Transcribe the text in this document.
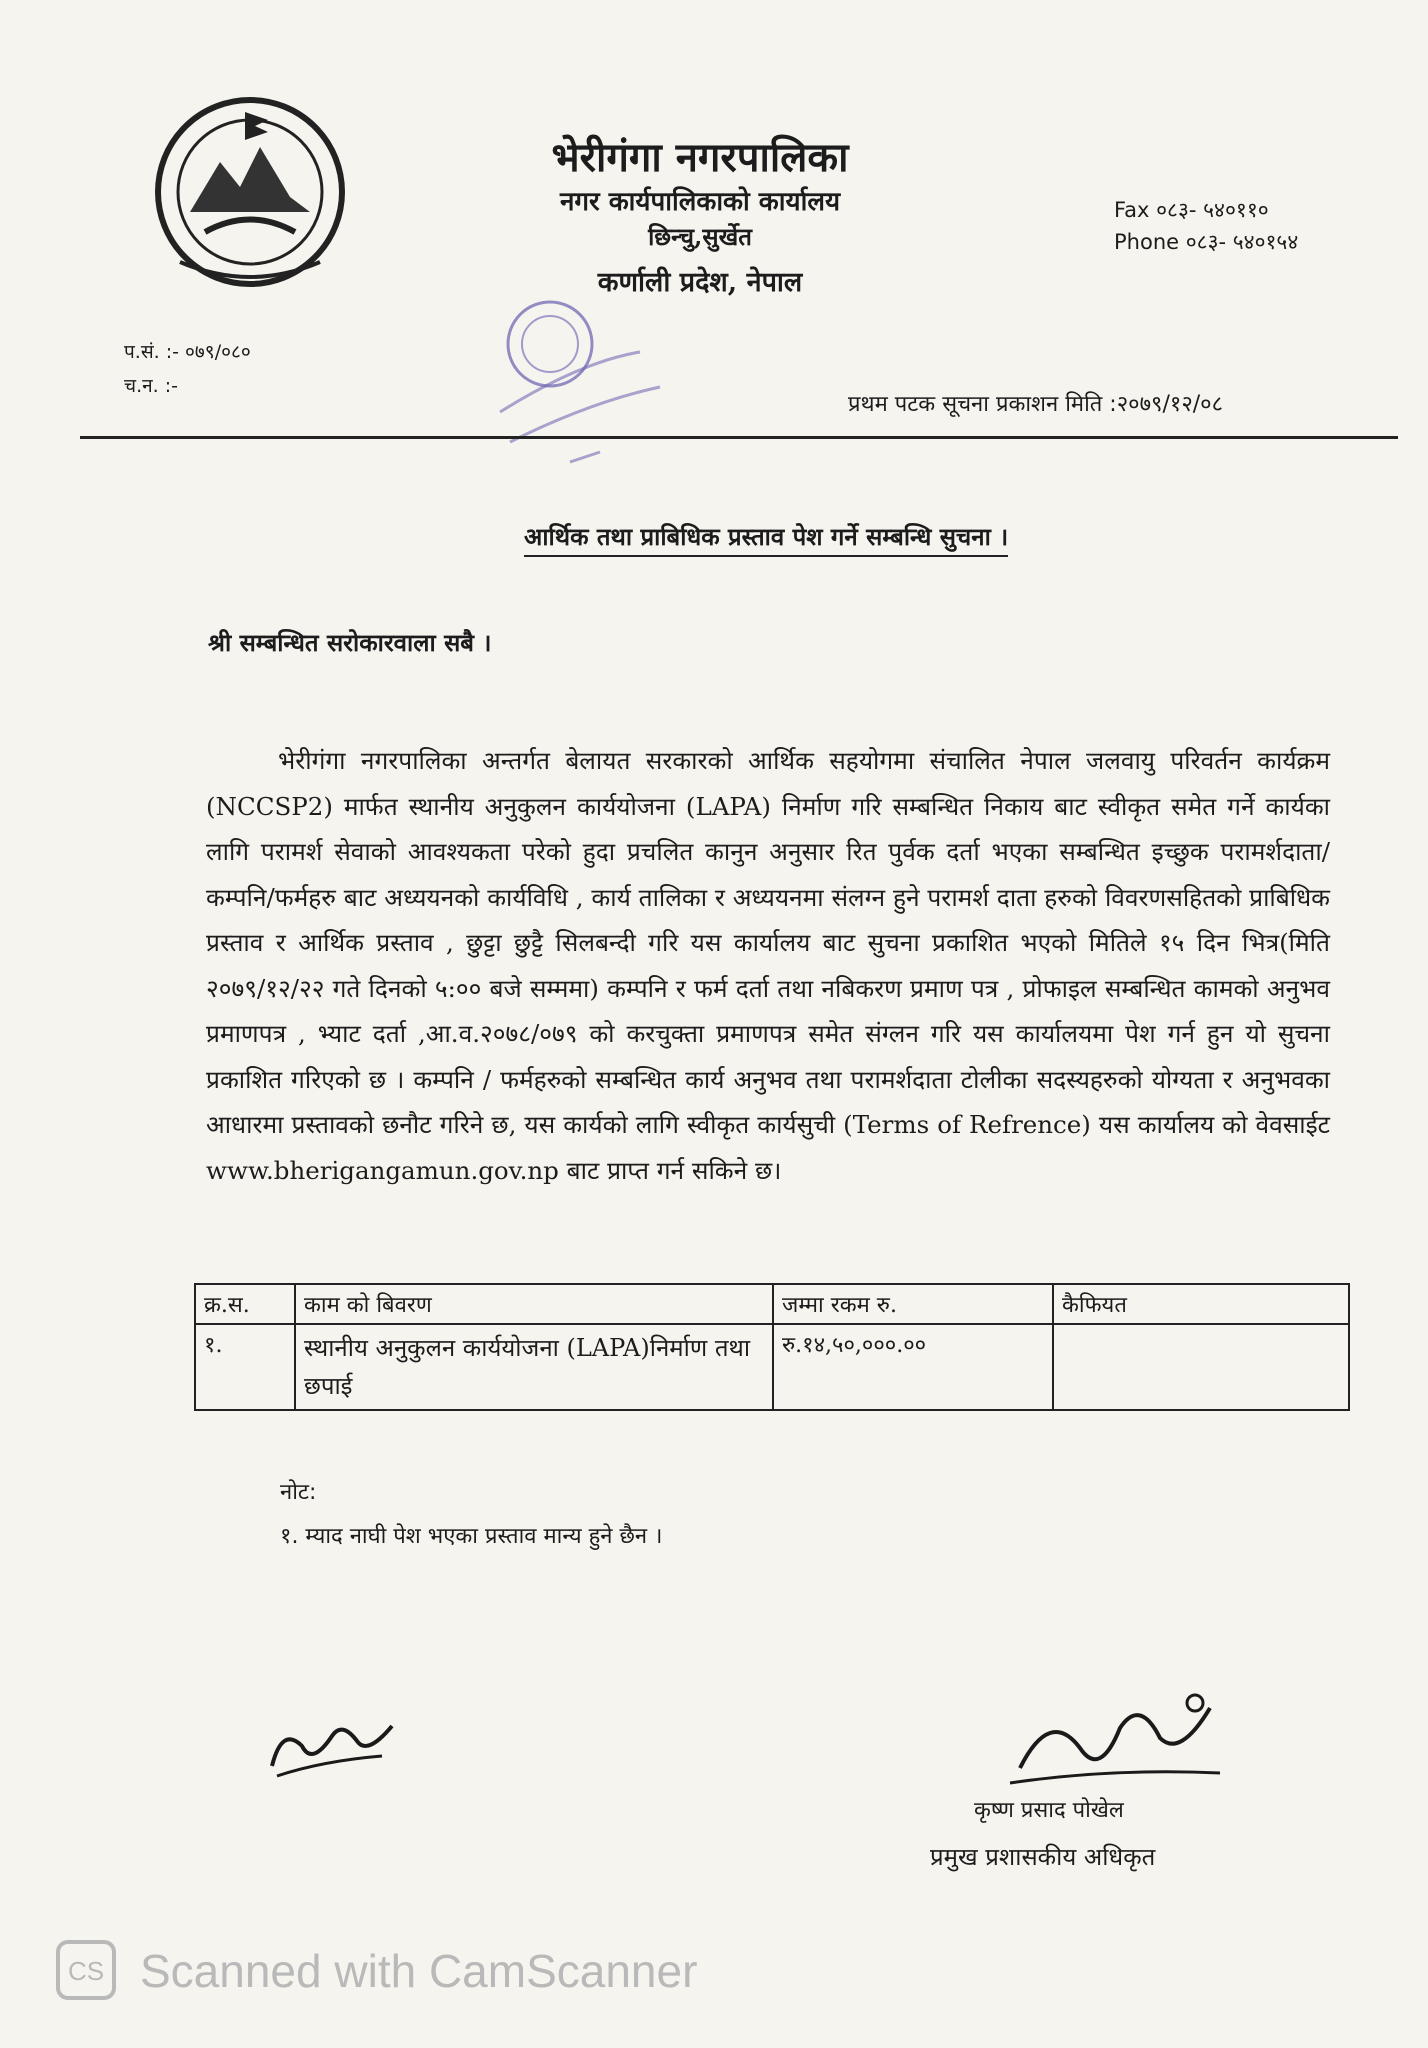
भेरीगंगा नगरपालिका
नगर कार्यपालिकाको कार्यालय
छिन्चु,सुर्खेत
कर्णाली प्रदेश, नेपाल
Fax ०८३- ५४०११०
Phone ०८३- ५४०१५४
प.सं. :- ०७९/०८०
च.न. :-
प्रथम पटक सूचना प्रकाशन मिति :२०७९/१२/०८
आर्थिक तथा प्राबिधिक प्रस्ताव पेश गर्ने सम्बन्धि सुचना ।
श्री सम्बन्धित सरोकारवाला सबै ।
भेरीगंगा नगरपालिका अन्तर्गत बेलायत सरकारको आर्थिक सहयोगमा संचालित नेपाल जलवायु परिवर्तन कार्यक्रम (NCCSP2) मार्फत स्थानीय अनुकुलन कार्ययोजना (LAPA) निर्माण गरि सम्बन्धित निकाय बाट स्वीकृत समेत गर्ने कार्यका लागि परामर्श सेवाको आवश्यकता परेको हुदा प्रचलित कानुन अनुसार रित पुर्वक दर्ता भएका सम्बन्धित इच्छुक परामर्शदाता/कम्पनि/फर्महरु बाट अध्ययनको कार्यविधि , कार्य तालिका र अध्ययनमा संलग्न हुने परामर्श दाता हरुको विवरणसहितको प्राबिधिक प्रस्ताव र आर्थिक प्रस्ताव , छुट्टा छुट्टै सिलबन्दी गरि यस कार्यालय बाट सुचना प्रकाशित भएको मितिले १५ दिन भित्र(मिति २०७९/१२/२२ गते दिनको ५:०० बजे सम्ममा) कम्पनि र फर्म दर्ता तथा नबिकरण प्रमाण पत्र , प्रोफाइल सम्बन्धित कामको अनुभव प्रमाणपत्र , भ्याट दर्ता ,आ.व.२०७८/०७९ को करचुक्ता प्रमाणपत्र समेत संग्लन गरि यस कार्यालयमा पेश गर्न हुन यो सुचना प्रकाशित गरिएको छ । कम्पनि / फर्महरुको सम्बन्धित कार्य अनुभव तथा परामर्शदाता टोलीका सदस्यहरुको योग्यता र अनुभवका आधारमा प्रस्तावको छनौट गरिने छ, यस कार्यको लागि स्वीकृत कार्यसुची (Terms of Refrence) यस कार्यालय को वेवसाईट www.bherigangamun.gov.np बाट प्राप्त गर्न सकिने छ।
क्र.स.	काम को बिवरण	जम्मा रकम रु.	कैफियत
१.	स्थानीय अनुकुलन कार्ययोजना (LAPA)निर्माण तथा छपाई	रु.१४,५०,०००.००	
नोट:
१. म्याद नाघी पेश भएका प्रस्ताव मान्य हुने छैन ।
कृष्ण प्रसाद पोखेल
प्रमुख प्रशासकीय अधिकृत
CS Scanned with CamScanner
